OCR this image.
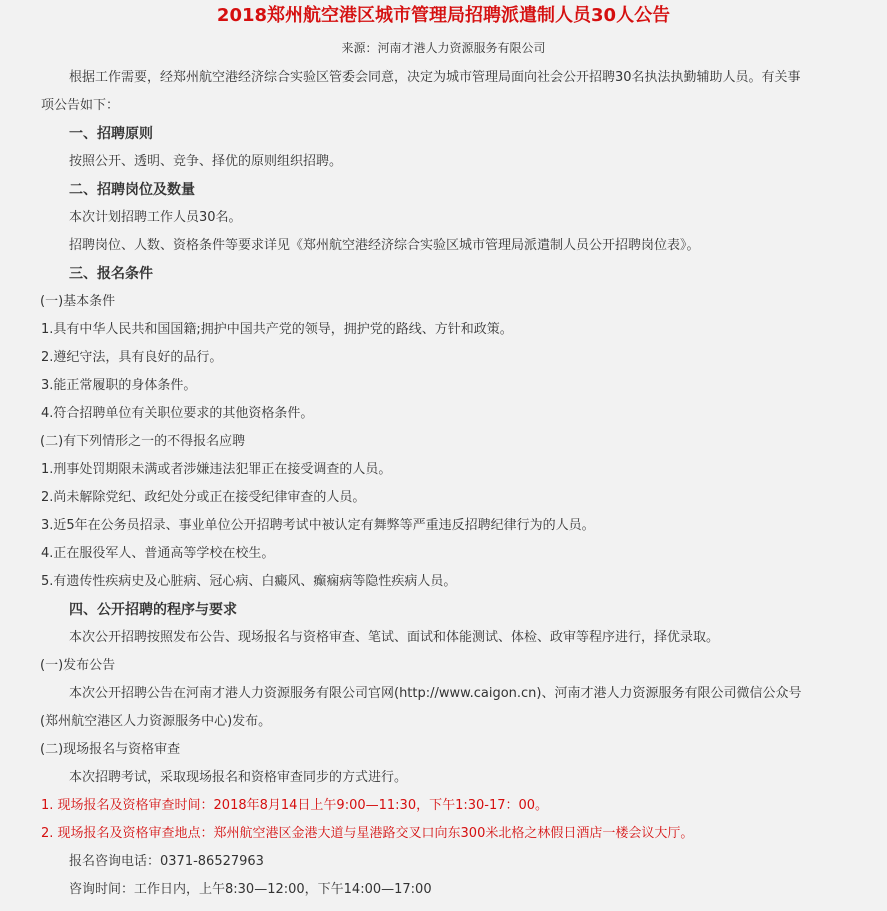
2018郑州航空港区城市管理局招聘派遣制人员30人公告
来源：河南才港人力资源服务有限公司

根据工作需要，经郑州航空港经济综合实验区管委会同意，决定为城市管理局面向社会公开招聘30名执法执勤辅助人员。有关事

项公告如下：

一、招聘原则

按照公开、透明、竞争、择优的原则组织招聘。

二、招聘岗位及数量

本次计划招聘工作人员30名。

招聘岗位、人数、资格条件等要求详见《郑州航空港经济综合实验区城市管理局派遣制人员公开招聘岗位表》。

三、报名条件

(一)基本条件

1.具有中华人民共和国国籍;拥护中国共产党的领导，拥护党的路线、方针和政策。

2.遵纪守法，具有良好的品行。

3.能正常履职的身体条件。

4.符合招聘单位有关职位要求的其他资格条件。

(二)有下列情形之一的不得报名应聘

1.刑事处罚期限未满或者涉嫌违法犯罪正在接受调查的人员。

2.尚未解除党纪、政纪处分或正在接受纪律审查的人员。

3.近5年在公务员招录、事业单位公开招聘考试中被认定有舞弊等严重违反招聘纪律行为的人员。

4.正在服役军人、普通高等学校在校生。

5.有遗传性疾病史及心脏病、冠心病、白癜风、癫痫病等隐性疾病人员。

四、公开招聘的程序与要求

本次公开招聘按照发布公告、现场报名与资格审查、笔试、面试和体能测试、体检、政审等程序进行，择优录取。

(一)发布公告

本次公开招聘公告在河南才港人力资源服务有限公司官网(http://www.caigon.cn)、河南才港人力资源服务有限公司微信公众号

(郑州航空港区人力资源服务中心)发布。

(二)现场报名与资格审查

本次招聘考试，采取现场报名和资格审查同步的方式进行。

1. 现场报名及资格审查时间：2018年8月14日上午9:00—11:30，下午1:30-17：00。

2. 现场报名及资格审查地点：郑州航空港区金港大道与星港路交叉口向东300米北格之林假日酒店一楼会议大厅。

报名咨询电话：0371-86527963

咨询时间：工作日内，上午8:30—12:00，下午14:00—17:00
